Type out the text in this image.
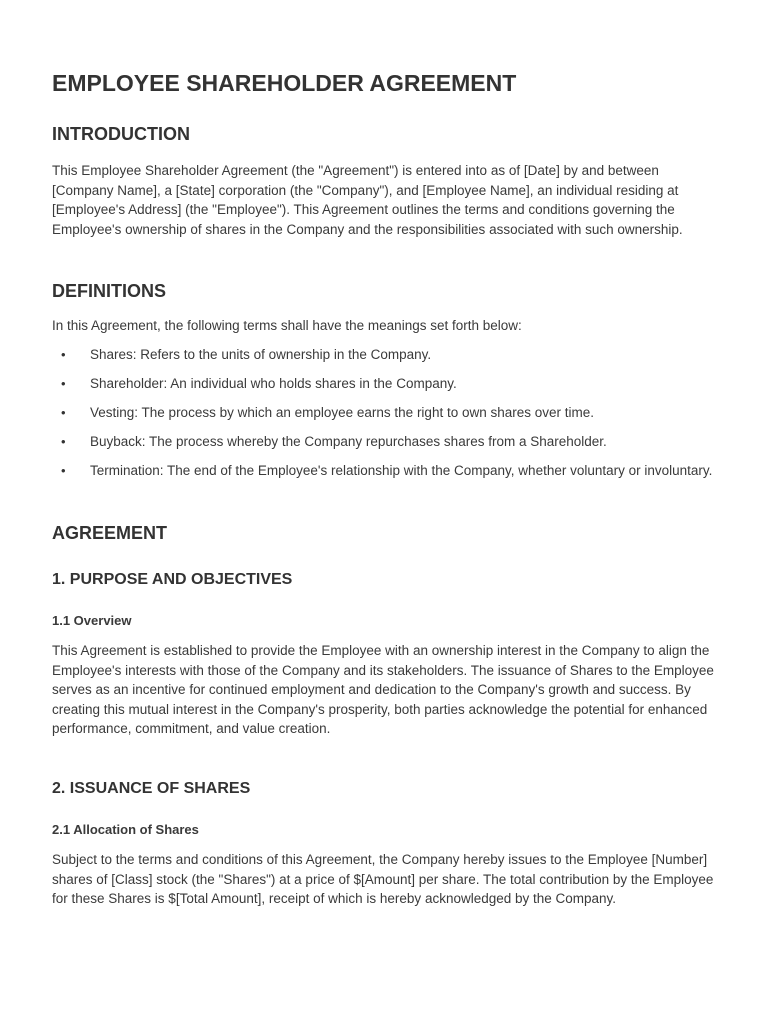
EMPLOYEE SHAREHOLDER AGREEMENT
INTRODUCTION

This Employee Shareholder Agreement (the "Agreement") is entered into as of [Date] by and between [Company Name], a [State] corporation (the "Company"), and [Employee Name], an individual residing at [Employee's Address] (the "Employee"). This Agreement outlines the terms and conditions governing the Employee's ownership of shares in the Company and the responsibilities associated with such ownership.

DEFINITIONS

In this Agreement, the following terms shall have the meanings set forth below:

• Shares: Refers to the units of ownership in the Company.
• Shareholder: An individual who holds shares in the Company.
• Vesting: The process by which an employee earns the right to own shares over time.
• Buyback: The process whereby the Company repurchases shares from a Shareholder.
• Termination: The end of the Employee's relationship with the Company, whether voluntary or involuntary.
AGREEMENT
1. PURPOSE AND OBJECTIVES
1.1 Overview

This Agreement is established to provide the Employee with an ownership interest in the Company to align the Employee's interests with those of the Company and its stakeholders. The issuance of Shares to the Employee serves as an incentive for continued employment and dedication to the Company's growth and success. By creating this mutual interest in the Company's prosperity, both parties acknowledge the potential for enhanced performance, commitment, and value creation.

2. ISSUANCE OF SHARES
2.1 Allocation of Shares

Subject to the terms and conditions of this Agreement, the Company hereby issues to the Employee [Number] shares of [Class] stock (the "Shares") at a price of $[Amount] per share. The total contribution by the Employee for these Shares is $[Total Amount], receipt of which is hereby acknowledged by the Company.
